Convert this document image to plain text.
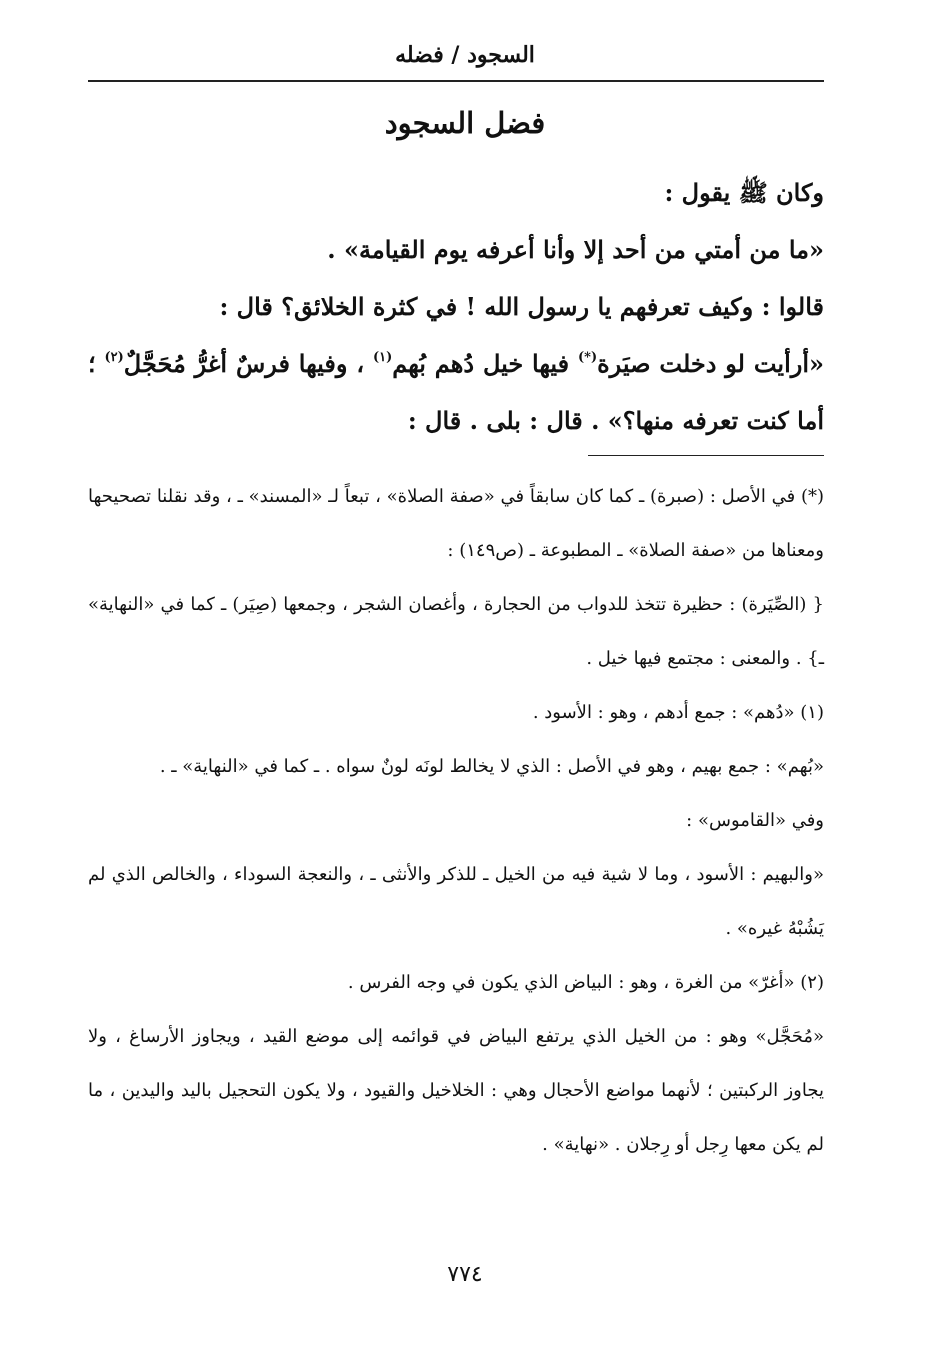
السجود / فضله
فضل السجود

وكان ﷺ يقول :

«ما من أمتي من أحد إلا وأنا أعرفه يوم القيامة» .

قالوا : وكيف تعرفهم يا رسول الله ! في كثرة الخلائق؟ قال :

«أرأيت لو دخلت صيَرة(*) فيها خيل دُهم بُهم$^{(١)}$ ، وفيها فرسٌ أغرُّ مُحَجَّلٌ$^{(٢)}$ ؛ أما كنت تعرفه منها؟» . قال : بلى . قال :

(*) في الأصل : (صبرة) ـ كما كان سابقاً في «صفة الصلاة» ، تبعاً لـ «المسند» ـ ، وقد نقلنا تصحيحها ومعناها من «صفة الصلاة» ـ المطبوعة ـ (ص١٤٩) :

{ (الصِّيَرة) : حظيرة تتخذ للدواب من الحجارة ، وأغصان الشجر ، وجمعها (صِيَر) ـ كما في «النهاية» ـ} . والمعنى : مجتمع فيها خيل .

(١) «دُهم» : جمع أدهم ، وهو : الأسود .

«بُهم» : جمع بهيم ، وهو في الأصل : الذي لا يخالط لونَه لونٌ سواه . ـ كما في «النهاية» ـ .

وفي «القاموس» :

«والبهيم : الأسود ، وما لا شية فيه من الخيل ـ للذكر والأنثى ـ ، والنعجة السوداء ، والخالص الذي لم يَشُبْهُ غيره» .

(٢) «أغرّ» من الغرة ، وهو : البياض الذي يكون في وجه الفرس .

«مُحَجَّل» وهو : من الخيل الذي يرتفع البياض في قوائمه إلى موضع القيد ، ويجاوز الأرساغ ، ولا يجاوز الركبتين ؛ لأنهما مواضع الأحجال وهي : الخلاخيل والقيود ، ولا يكون التحجيل باليد واليدين ، ما لم يكن معها رِجل أو رِجلان . «نهاية» .

٧٧٤
